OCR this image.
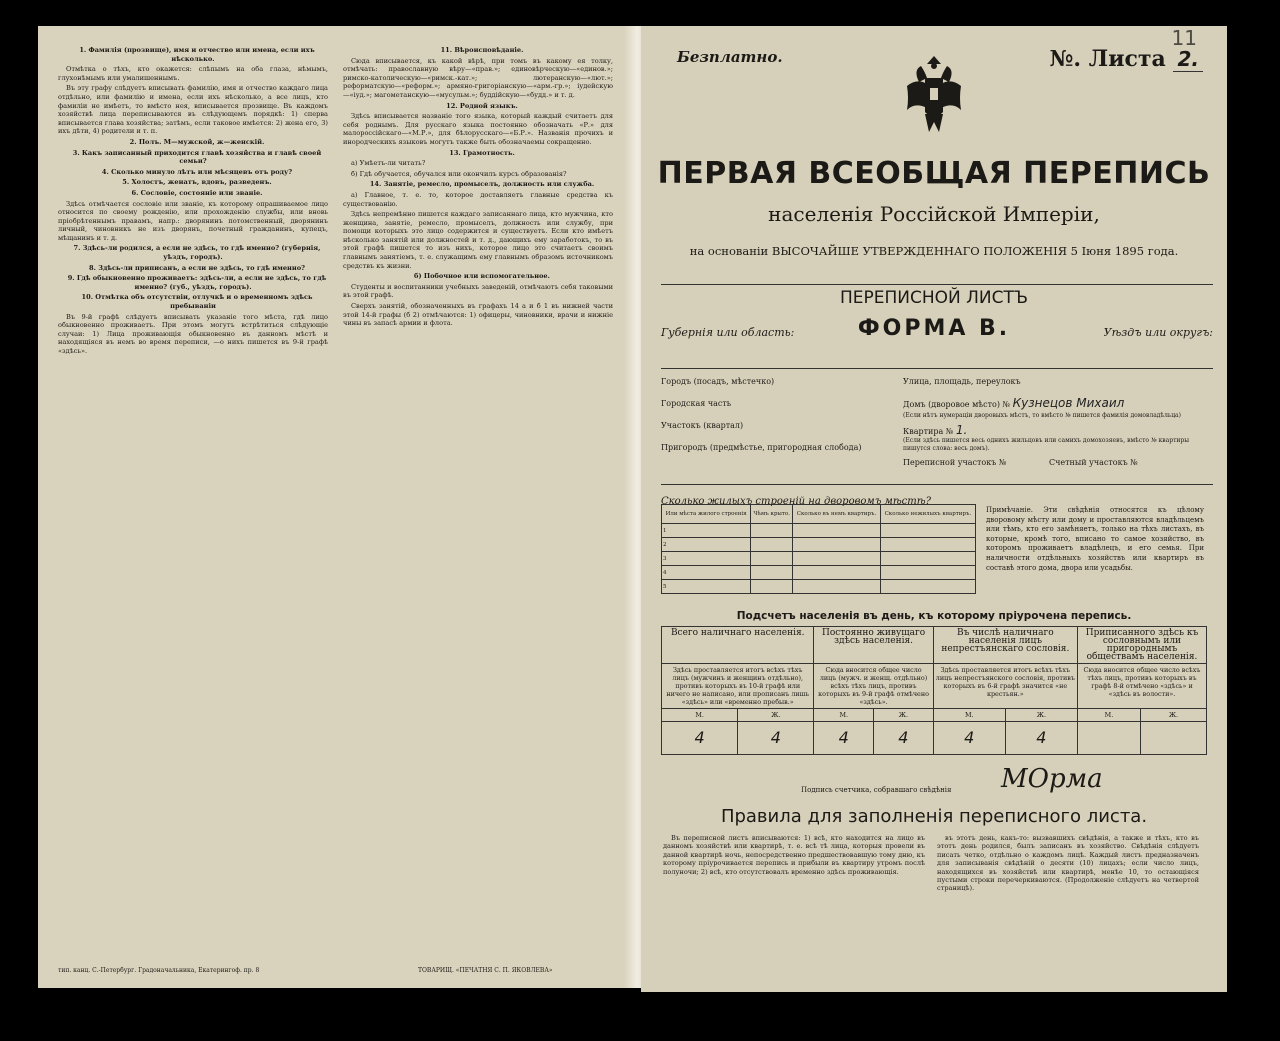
1. Фамилія (прозвище), имя и отчество или имена, если ихъ нѣсколько.

Отмѣтка о тѣхъ, кто окажется: слѣпымъ на оба глаза, нѣмымъ, глухонѣмымъ или умалишеннымъ.

Въ эту графу слѣдуетъ вписывать фамилію, имя и отчество каждаго лица отдѣльно, или фамилію и имена, если ихъ нѣсколько, а все лицъ, кто фамиліи не имѣетъ, то вмѣсто нея, вписывается прозвище. Въ каждомъ хозяйствѣ лица переписываются въ слѣдующемъ порядкѣ: 1) сперва вписывается глава хозяйства; затѣмъ, если таковое имѣется: 2) жена его, 3) ихъ дѣти, 4) родители и т. п.

2. Полъ. М—мужской, ж—женскій.

3. Какъ записанный приходится главѣ хозяйства и главѣ своей семьи?

4. Сколько минуло лѣтъ или мѣсяцевъ отъ роду?

5. Холостъ, женатъ, вдовъ, разведенъ.

6. Сословіе, состояніе или званіе.

Здѣсь отмѣчается сословіе или званіе, къ которому опрашиваемое лицо относится по своему рожденію, или прохожденію службы, или вновь пріобрѣтеннымъ правамъ, напр.: дворянинъ потомственный, дворянинъ личный, чиновникъ не изъ дворянъ, почетный гражданинъ, купецъ, мѣщанинъ и т. д.

7. Здѣсь-ли родился, а если не здѣсь, то гдѣ именно? (губернія, уѣздъ, городъ).

8. Здѣсь-ли приписанъ, а если не здѣсь, то гдѣ именно?

9. Гдѣ обыкновенно проживаетъ: здѣсь-ли, а если не здѣсь, то гдѣ именно? (губ., уѣздъ, городъ).

10. Отмѣтка объ отсутствіи, отлучкѣ и о временномъ здѣсь пребываніи

Въ 9-й графѣ слѣдуетъ вписывать указаніе того мѣста, гдѣ лицо обыкновенно проживаетъ. При этомъ могутъ встрѣтиться слѣдующіе случаи: 1) Лица проживающія обыкновенно въ данномъ мѣстѣ и находящіяся въ немъ во время переписи, —о нихъ пишется въ 9-й графѣ «здѣсь».

тип. канц. С.-Петербург. Градоначальника, Екатерингоф. пр. 8

11. Вѣроисповѣданіе.

Сюда вписывается, къ какой вѣрѣ, при томъ въ какому ея толку, отмѣчать: православную вѣру—«прав.»; единовѣрческую—«единов.»; римско-католическую—«римск.-кат.»; лютеранскую—«лют.»; реформатскую—«реформ.»; армяно-григоріанскую—«арм.-гр.»; іудейскую—«іуд.»; магометанскую—«мусульм.»; буддійскую—«будд.» и т. д.

12. Родной языкъ.

Здѣсь вписывается названіе того языка, который каждый считаетъ для себя роднымъ. Для русскаго языка постоянно обозначать «Р.» для малороссійскаго—«М.Р.», для бѣлорусскаго—«Б.Р.». Названія прочихъ и инородческихъ языковъ могутъ также быть обозначаемы сокращенно.

13. Грамотность.

а) Умѣетъ-ли читать?

б) Гдѣ обучается, обучался или окончилъ курсъ образованія?

14. Занятіе, ремесло, промыселъ, должность или служба.

а) Главное, т. е. то, которое доставляетъ главные средства къ существованію.

Здѣсь непремѣнно пишется каждаго записаннаго лица, кто мужчина, кто женщина, занятіе, ремесло, промыселъ, должность или службу, при помощи которыхъ это лицо содержится и существуетъ. Если кто имѣетъ нѣсколько занятій или должностей и т. д., дающихъ ему заработокъ, то въ этой графѣ пишется то изъ нихъ, которое лицо это считаетъ своимъ главнымъ занятіемъ, т. е. служащимъ ему главнымъ образомъ источникомъ средствъ къ жизни.

б) Побочное или вспомогательное.

Студенты и воспитанники учебныхъ заведеній, отмѣчаютъ себя таковыми въ этой графѣ.

Сверхъ занятій, обозначенныхъ въ графахъ 14 а и б 1 въ нижней части этой 14-й графы (б 2) отмѣчаются: 1) офицеры, чиновники, врачи и нижніе чины въ запасѣ армии и флота.

ТОВАРИЩ. «ПЕЧАТНЯ С. П. ЯКОВЛЕВА»
Безплатно.
11
№. Листа 2.
ПЕРВАЯ ВСЕОБЩАЯ ПЕРЕПИСЬ
населенія Россійской Имперіи,
на основаніи ВЫСОЧАЙШЕ УТВЕРЖДЕННАГО ПОЛОЖЕНІЯ 5 Іюня 1895 года.
Губернія или область:
ПЕРЕПИСНОЙ ЛИСТЪ
ФОРМА В.	Уѣздъ или округъ:
Городъ (посадъ, мѣстечко)
Городская часть
Участокъ (квартал)
Пригородъ (предмѣстье, пригородная слобода)
Улица, площадь, переулокъ
Домъ (дворовое мѣсто) № Кузнецов Михаил
(Если нѣтъ нумераціи дворовыхъ мѣстъ, то вмѣсто № пишется фамилія домовладѣльца)
Квартира № 1.
(Если здѣсь пишется весь однихъ жильцовъ или самихъ домохозяевъ, вмѣсто № квартиры пишутся слова: весь домъ).
Переписной участокъ №	Счетный участокъ №
Сколько жилыхъ строеній на дворовомъ мѣстѣ?
Или мѣста жилого строенія	Чѣмъ крыто.	Сколько въ немъ квартиръ.	Сколько нежилыхъ квартиръ.
1			
2			
3			
4			
5			
Примѣчаніе. Эти свѣдѣнія относятся къ цѣлому дворовому мѣсту или дому и проставляются владѣльцемъ или тѣмъ, кто его замѣняетъ, только на тѣхъ листахъ, въ которые, кромѣ того, вписано то самое хозяйство, въ которомъ проживаетъ владѣлецъ, и его семья. При наличности отдѣльныхъ хозяйствъ или квартиръ въ составѣ этого дома, двора или усадьбы.
Подсчетъ населенія въ день, къ которому пріурочена перепись.
Всего наличнаго населенія.		Постоянно живущаго здѣсь населенія.		Въ числѣ наличнаго населенія лицъ непрестъянскаго сословія.		Приписанного здѣсь къ сословнымъ или пригороднымъ обществамъ населенія.	
Здѣсь проставляется итогъ всѣхъ тѣхъ лицъ (мужчинъ и женщинъ отдѣльно), противъ которыхъ въ 10-й графѣ или ничего не написано, или прописанъ лишь «здѣсь» или «временно пребыв.»		Сюда вносится общее число лицъ (мужч. и женщ. отдѣльно) всѣхъ тѣхъ лицъ, противъ которыхъ въ 9-й графѣ отмѣчено «здѣсь».		Здѣсь проставляется итогъ всѣхъ тѣхъ лицъ непрестъянского сословія, противъ которыхъ въ 6-й графѣ значится «не крестьян.»		Сюда вносится общее число всѣхъ тѣхъ лицъ, противъ которыхъ въ графѣ 8-й отмѣчено «здѣсь» и «здѣсь въ волости».	
М.	Ж.	М.	Ж.	М.	Ж.	М.	Ж.
4	4	4	4	4	4		
Подпись счетчика, собравшаго свѣдѣнія МОрма
Правила для заполненія переписного листа.

Въ переписной листъ вписываются: 1) всѣ, кто находится на лицо въ данномъ хозяйствѣ или квартирѣ, т. е. всѣ тѣ лица, которыя провели въ данной квартирѣ ночь, непосредственно предшествовавшую тому дню, къ которому пріурочивается перепись и прибыли въ квартиру утромъ послѣ полуночи; 2) всѣ, кто отсутствовалъ временно здѣсь проживающія.

въ этотъ день, какъ-то: вызвавшихъ свѣдѣнія, а также и тѣхъ, кто въ этотъ день родился, былъ записанъ въ хозяйство. Свѣдѣнія слѣдуетъ писать четко, отдѣльно о каждомъ лицѣ. Каждый листъ предназначенъ для записыванія свѣдѣній о десяти (10) лицахъ; если число лицъ, находящихся въ хозяйствѣ или квартирѣ, менѣе 10, то остающіяся пустыми строки перечеркиваются. (Продолженіе слѣдуетъ на четвертой страницѣ).
